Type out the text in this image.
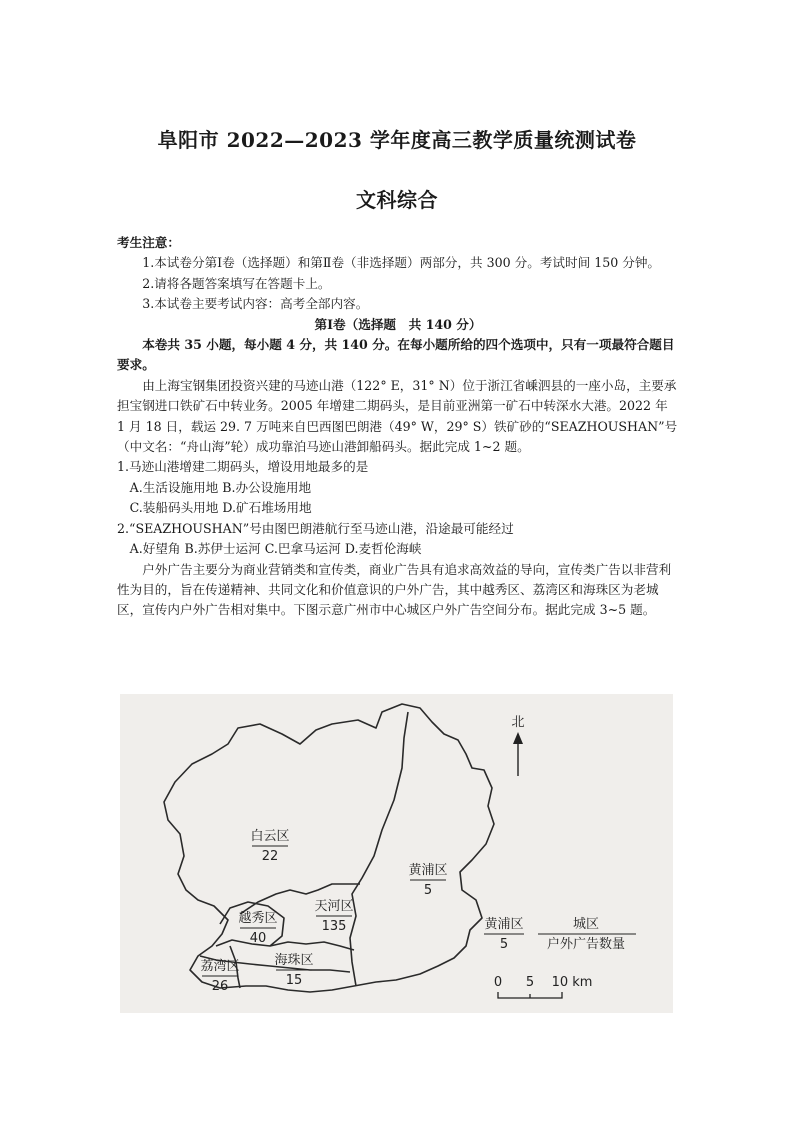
阜阳市 2022—2023 学年度高三教学质量统测试卷
文科综合

考生注意：

1.本试卷分第Ⅰ卷（选择题）和第Ⅱ卷（非选择题）两部分，共 300 分。考试时间 150 分钟。

2.请将各题答案填写在答题卡上。

3.本试卷主要考试内容：高考全部内容。

第Ⅰ卷（选择题　共 140 分）

本卷共 35 小题，每小题 4 分，共 140 分。在每小题所给的四个选项中，只有一项最符合题目要求。

由上海宝钢集团投资兴建的马迹山港（122° E，31° N）位于浙江省嵊泗县的一座小岛，主要承担宝钢进口铁矿石中转业务。2005 年增建二期码头，是目前亚洲第一矿石中转深水大港。2022 年 1 月 18 日，载运 29. 7 万吨来自巴西图巴朗港（49° W，29° S）铁矿砂的“SEAZHOUSHAN”号（中文名：“舟山海”轮）成功靠泊马迹山港卸船码头。据此完成 1~2 题。

1.马迹山港增建二期码头，增设用地最多的是

A.生活设施用地 B.办公设施用地

C.装船码头用地 D.矿石堆场用地

2.“SEAZHOUSHAN”号由图巴朗港航行至马迹山港，沿途最可能经过

A.好望角 B.苏伊士运河 C.巴拿马运河 D.麦哲伦海峡

户外广告主要分为商业营销类和宣传类，商业广告具有追求高效益的导向，宣传类广告以非营利性为目的，旨在传递精神、共同文化和价值意识的户外广告，其中越秀区、荔湾区和海珠区为老城区，宣传内户外广告相对集中。下图示意广州市中心城区户外广告空间分布。据此完成 3~5 题。

白云区
22
黄浦区
5
天河区
135
越秀区
40
荔湾区
26
海珠区
15
北
黄浦区
5
城区
户外广告数量
0 5 10 km
